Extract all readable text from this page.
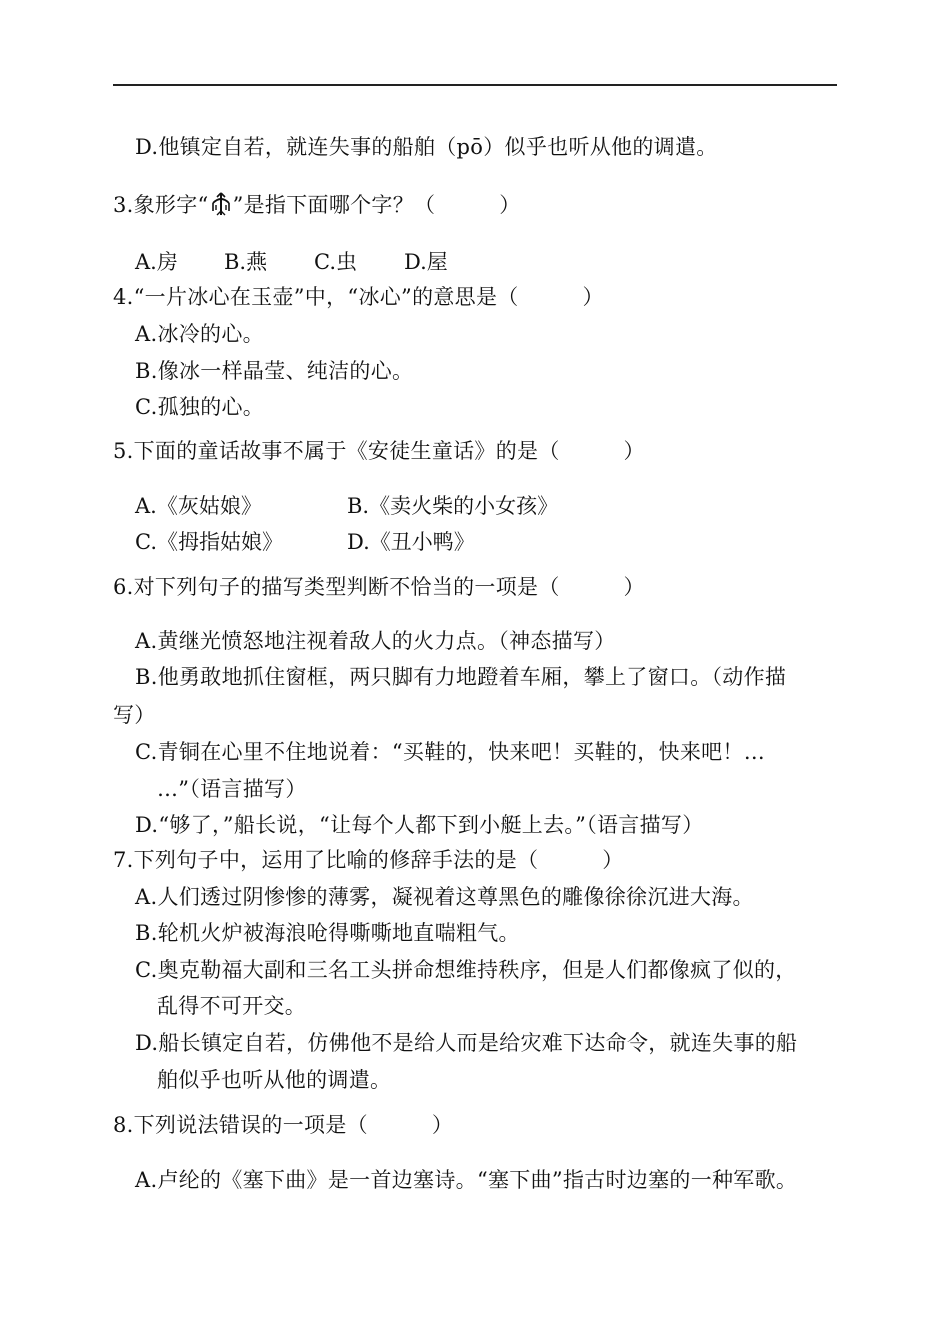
D.他镇定自若，就连失事的船舶（pō）似乎也听从他的调遣。
3.象形字“ ”是指下面哪个字？（　　　）
A.房 B.燕 C.虫 D.屋
4.“一片冰心在玉壶”中，“冰心”的意思是（　　　）
A.冰冷的心。
B.像冰一样晶莹、纯洁的心。
C.孤独的心。
5.下面的童话故事不属于《安徒生童话》的是（　　　）
A.《灰姑娘》	B.《卖火柴的小女孩》
C.《拇指姑娘》	D.《丑小鸭》
6.对下列句子的描写类型判断不恰当的一项是（　　　）
A.黄继光愤怒地注视着敌人的火力点。（神态描写）
B.他勇敢地抓住窗框，两只脚有力地蹬着车厢，攀上了窗口。（动作描
写）
C.青铜在心里不住地说着：“买鞋的，快来吧！买鞋的，快来吧！…
…”（语言描写）
D.“够了，”船长说，“让每个人都下到小艇上去。”（语言描写）
7.下列句子中，运用了比喻的修辞手法的是（　　　）
A.人们透过阴惨惨的薄雾，凝视着这尊黑色的雕像徐徐沉进大海。
B.轮机火炉被海浪呛得嘶嘶地直喘粗气。
C.奥克勒福大副和三名工头拼命想维持秩序，但是人们都像疯了似的，
乱得不可开交。
D.船长镇定自若，仿佛他不是给人而是给灾难下达命令，就连失事的船
舶似乎也听从他的调遣。
8.下列说法错误的一项是（　　　）
A.卢纶的《塞下曲》是一首边塞诗。“塞下曲”指古时边塞的一种军歌。
